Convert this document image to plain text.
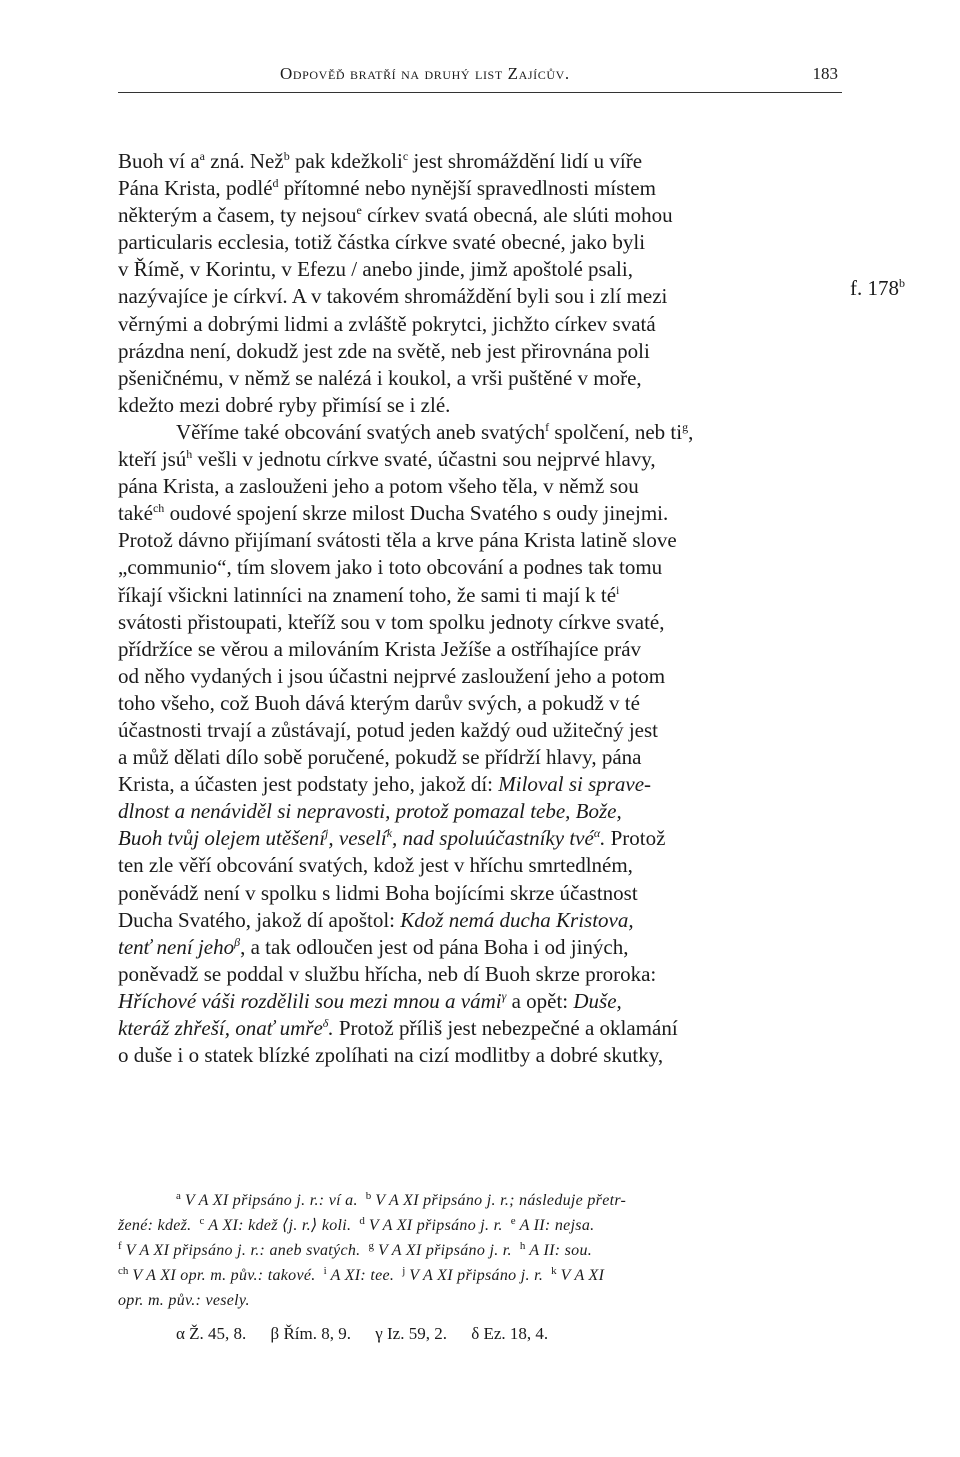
Odpověď bratří na druhý list Zajícův.	183
f. 178$^b$
Buoh ví $a^a$ zná. Než$^b$ pak kdežkoli$^c$ jest shromáždění lidí u víře
Pána Krista, podlé$^d$ přítomné nebo nynější spravedlnosti místem
některým a časem, ty nejsou$^e$ církev svatá obecná, ale slúti mohou
particularis ecclesia, totiž částka církve svaté obecné, jako byli
v Římě, v Korintu, v Efezu / anebo jinde, jimž apoštolé psali,
nazývajíce je církví. A v takovém shromáždění byli sou i zlí mezi
věrnými a dobrými lidmi a zvláště pokrytci, jichžto církev svatá
prázdna není, dokudž jest zde na světě, neb jest přirovnána poli
pšeničnému, v němž se nalézá i koukol, a vrši puštěné v moře,
kdežto mezi dobré ryby přimísí se i zlé.
Věříme také obcování svatých aneb svatých$^f$ spolčení, neb $ti^g$,
kteří jsú$^h$ vešli v jednotu církve svaté, účastni sou nejprvé hlavy,
pána Krista, a zaslouženi jeho a potom všeho těla, v němž sou
také$^{ch}$ oudové spojení skrze milost Ducha Svatého s oudy jinejmi.
Protož dávno přijímaní svátosti těla a krve pána Krista latině slove
„communio“, tím slovem jako i toto obcování a podnes tak tomu
říkají všickni latinníci na znamení toho, že sami ti mají k $té^i$
svátosti přistoupati, kteříž sou v tom spolku jednoty církve svaté,
přídržíce se věrou a milováním Krista Ježíše a ostříhajíce práv
od něho vydaných i jsou účastni nejprvé zasloužení jeho a potom
toho všeho, což Buoh dává kterým darův svých, a pokudž v té
účastnosti trvají a zůstávají, potud jeden každý oud užitečný jest
a můž dělati dílo sobě poručené, pokudž se přídrží hlavy, pána
Krista, a účasten jest podstaty jeho, jakož dí: Miloval si sprave-
dlnost a nenáviděl si nepravosti, protož pomazal tebe, Bože,
Buoh tvůj olejem utěšení$^j$, veselí$^k$, nad spoluúčastníky tvé$^\alpha$. Protož
ten zle věří obcování svatých, kdož jest v hříchu smrtedlném,
poněvádž není v spolku s lidmi Boha bojícími skrze účastnost
Ducha Svatého, jakož dí apoštol: Kdož nemá ducha Kristova,
tenť není jeho$^\beta$, a tak odloučen jest od pána Boha i od jiných,
poněvadž se poddal v službu hřícha, neb dí Buoh skrze proroka:
Hříchové váši rozdělili sou mezi mnou a vámi$^\gamma$ a opět: Duše,
kteráž zhřeší, onať umře$^\delta$. Protož příliš jest nebezpečné a oklamání
o duše i o statek blízké zpolíhati na cizí modlitby a dobré skutky,
$^a$ V A XI připsáno j. r.: ví a. $^b$ V A XI připsáno j. r.; následuje přetr-
žené: kdež. $^c$ A XI: kdež ⟨j. r.⟩ koli. $^d$ V A XI připsáno j. r. $^e$ A II: nejsa.
$^f$ V A XI připsáno j. r.: aneb svatých. $^g$ V A XI připsáno j. r. $^h$ A II: sou.
$^{ch}$ V A XI opr. m. pův.: takové. $^i$ A XI: tee. $^j$ V A XI připsáno j. r. $^k$ V A XI
opr. m. pův.: vesely.
α Ž. 45, 8. β Řím. 8, 9. γ Iz. 59, 2. δ Ez. 18, 4.
